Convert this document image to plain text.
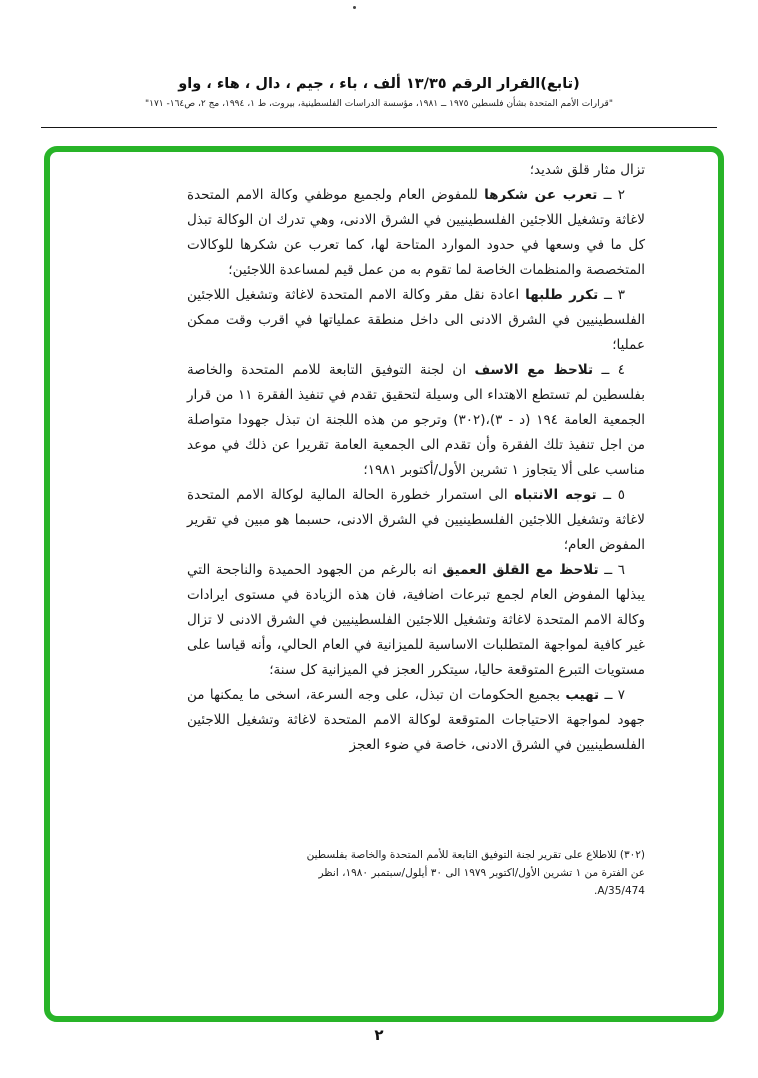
(تابع)القرار الرقم ١٣/٣٥ ألف ، باء ، جيم ، دال ، هاء ، واو
"قرارات الأمم المتحدة بشأن فلسطين ١٩٧٥ ــ ١٩٨١، مؤسسة الدراسات الفلسطينية، بيروت، ط ١، ١٩٩٤، مج ٢، ص١٦٤- ١٧١"

تزال مثار قلق شديد؛

٢ ــ تعرب عن شكرها للمفوض العام ولجميع موظفي وكالة الامم المتحدة لاغاثة وتشغيل اللاجئين الفلسطينيين في الشرق الادنى، وهي تدرك ان الوكالة تبذل كل ما في وسعها في حدود الموارد المتاحة لها، كما تعرب عن شكرها للوكالات المتخصصة والمنظمات الخاصة لما تقوم به من عمل قيم لمساعدة اللاجئين؛

٣ ــ تكرر طلبها اعادة نقل مقر وكالة الامم المتحدة لاغاثة وتشغيل اللاجئين الفلسطينيين في الشرق الادنى الى داخل منطقة عملياتها في اقرب وقت ممكن عمليا؛

٤ ــ تلاحظ مع الاسف ان لجنة التوفيق التابعة للامم المتحدة والخاصة بفلسطين لم تستطع الاهتداء الى وسيلة لتحقيق تقدم في تنفيذ الفقرة ١١ من قرار الجمعية العامة ١٩٤ (د - ٣)،(٣٠٢) وترجو من هذه اللجنة ان تبذل جهودا متواصلة من اجل تنفيذ تلك الفقرة وأن تقدم الى الجمعية العامة تقريرا عن ذلك في موعد مناسب على ألا يتجاوز ١ تشرين الأول/أكتوبر ١٩٨١؛

٥ ــ توجه الانتباه الى استمرار خطورة الحالة المالية لوكالة الامم المتحدة لاغاثة وتشغيل اللاجئين الفلسطينيين في الشرق الادنى، حسبما هو مبين في تقرير المفوض العام؛

٦ ــ تلاحظ مع القلق العميق انه بالرغم من الجهود الحميدة والناجحة التي يبذلها المفوض العام لجمع تبرعات اضافية، فان هذه الزيادة في مستوى ايرادات وكالة الامم المتحدة لاغاثة وتشغيل اللاجئين الفلسطينيين في الشرق الادنى لا تزال غير كافية لمواجهة المتطلبات الاساسية للميزانية في العام الحالي، وأنه قياسا على مستويات التبرع المتوقعة حاليا، سيتكرر العجز في الميزانية كل سنة؛

٧ ــ تهيب بجميع الحكومات ان تبذل، على وجه السرعة، اسخى ما يمكنها من جهود لمواجهة الاحتياجات المتوقعة لوكالة الامم المتحدة لاغاثة وتشغيل اللاجئين الفلسطينيين في الشرق الادنى، خاصة في ضوء العجز

(٣٠٢) للاطلاع على تقرير لجنة التوفيق التابعة للأمم المتحدة والخاصة بفلسطين عن الفترة من ١ تشرين الأول/اكتوبر ١٩٧٩ الى ٣٠ أيلول/سبتمبر ١٩٨٠، انظر A/35/474.
٢
